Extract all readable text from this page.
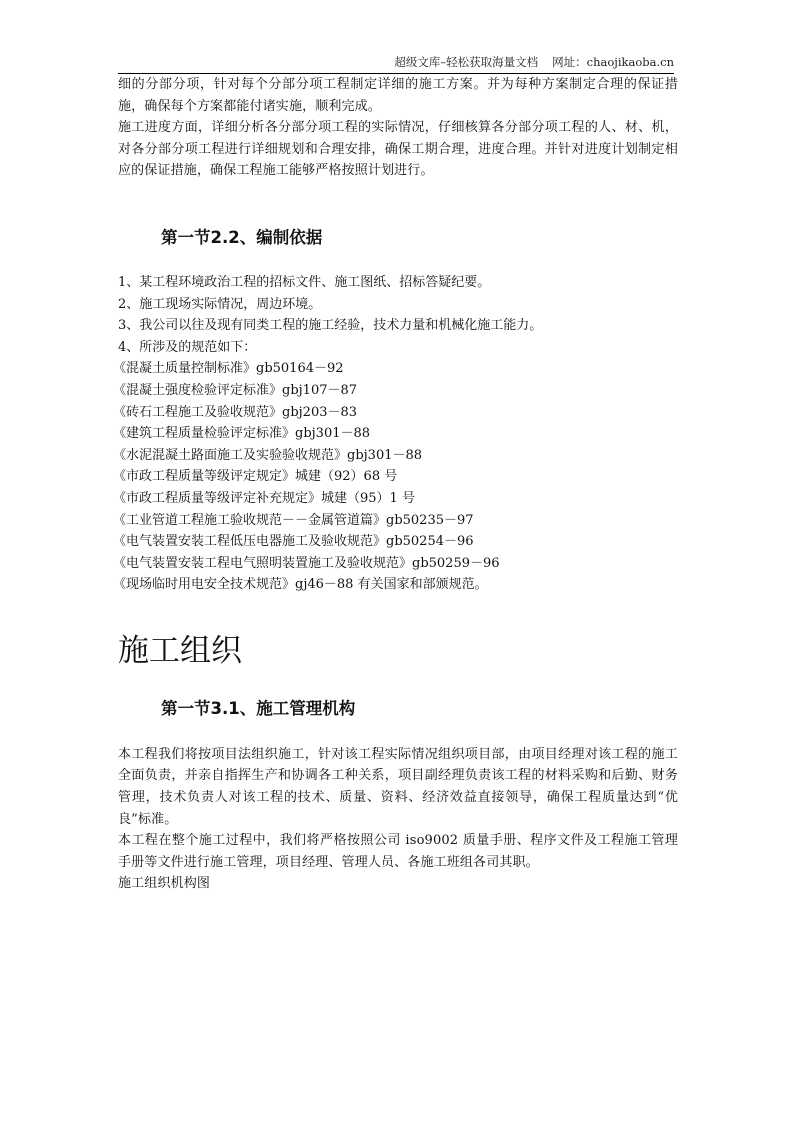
超级文库–轻松获取海量文档 网址：chaojikaoba.cn

细的分部分项，针对每个分部分项工程制定详细的施工方案。并为每种方案制定合理的保证措施，确保每个方案都能付诸实施，顺利完成。

施工进度方面，详细分析各分部分项工程的实际情况，仔细核算各分部分项工程的人、材、机，对各分部分项工程进行详细规划和合理安排，确保工期合理，进度合理。并针对进度计划制定相应的保证措施，确保工程施工能够严格按照计划进行。

第一节2.2、编制依据

1、某工程环境政治工程的招标文件、施工图纸、招标答疑纪要。

2、施工现场实际情况，周边环境。

3、我公司以往及现有同类工程的施工经验，技术力量和机械化施工能力。

4、所涉及的规范如下：

《混凝土质量控制标准》gb50164－92

《混凝土强度检验评定标准》gbj107－87

《砖石工程施工及验收规范》gbj203－83

《建筑工程质量检验评定标准》gbj301－88

《水泥混凝土路面施工及实验验收规范》gbj301－88

《市政工程质量等级评定规定》城建（92）68 号

《市政工程质量等级评定补充规定》城建（95）1 号

《工业管道工程施工验收规范－－金属管道篇》gb50235－97

《电气装置安装工程低压电器施工及验收规范》gb50254－96

《电气装置安装工程电气照明装置施工及验收规范》gb50259－96

《现场临时用电安全技术规范》gj46－88 有关国家和部颁规范。

施工组织
第一节3.1、施工管理机构

本工程我们将按项目法组织施工，针对该工程实际情况组织项目部，由项目经理对该工程的施工全面负责，并亲自指挥生产和协调各工种关系，项目副经理负责该工程的材料采购和后勤、财务管理，技术负责人对该工程的技术、质量、资料、经济效益直接领导，确保工程质量达到“优良”标准。

本工程在整个施工过程中，我们将严格按照公司 iso9002 质量手册、程序文件及工程施工管理手册等文件进行施工管理，项目经理、管理人员、各施工班组各司其职。

施工组织机构图
